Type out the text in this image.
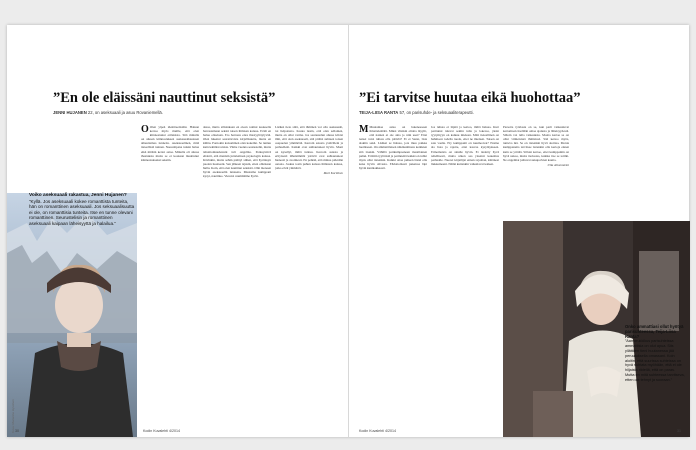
”En ole eläissäni nauttinut seksistä”
JENNI HUJANEN 22, on aseksuaali ja asuu Rovaniemellä.
Kuva: Marianne Hyvönen
Voiko aseksuaali rakastua, Jenni Hujanen?
”Kyllä. Jos aseksuaali kokee romanttista tunteita, hän on romanttinen aseksuaali. Jos seksuaalisuutta ei ole, on romanttisia tunteita. Itse en tunne olevani romanttinen. Seurustelisin ja romanttinen aseksuaali kaipaan läheisyyttä ja halailua.”

O Olen ylpeä identiteetistäni. Haluan kertoa myös muille, että olen kiinnostunut erilaisista. Sitä minulla on aikaan kiinnostuksen aseksuaalisuuteen aiheuttamaa tunnetta. Aseksuaalinen, mitä tieteellistä tunnen. Nuorempana tunsin halua eikä mitään kertoi asiaa. Minulla oli alussa ihastuksia mutta se ei koskaan muuttunut kiinnostukseksi seksiin.

dessa, mutta silloinkaan en oleen roimut kaoksella harrastamaan seksiä toisen ihmisen kanssa. Eräät en halua olleelaan. Ero harrasta edes ihastyyttäytyvää. Olen lukenut seurattavista kirjallisuutta, mutta en kiihtu. Pornokin katsominen olan kokeilut. Se tuntuu kuin kahmisi unista. Viime vuonna seurustelin, mutta tahoittomuudestani tuli ongelma. Poikaystävä ehdotti, että menisin juttelemaan psykologin kanssa. Kävinkin, mutta sehän päättyi siihen, että hyväksyn puolen luonteeni. Sen jälkeen tajusin, etten ollutkaan hullu. Koin, että olen nauttinut seksistä. Olin moneen hyvin aseksuaalin tunteena. Muutama kumppani kysyi, nautinko. Vieroisi ruumiimme hyvin.

Lisäksi tieto siitä, että ihminen voi olla aseksuaali, toi helpotusta. Koska tiesin, että olen sellainen, mutta en ollut varma. Jos seurustelun alussa kävisi ilmi, että olen aseksuaali, sitä pitäisi suhteen toisen osapuolen ymmärtää. Kerroin asiasta ystävilleni ja perheelleni. Kaikki ovat suhtautuneet hyvin. Moni on kysellyt, miltä tuntuu. Kerroin asiasta ja erityisesti läheisimmät ystävät ovat suhtautuneet hienosti ja avoimesti. En pelkää, että minua pidetään outona. Joskus tosin puhun kanssa ihmisten kanssa, jotka eivät ymmärrä.

Mari Korttinen
30	Kodin Kuvalehti 4/2014
”Ei tarvitse huutaa eikä huohottaa”
TEIJA-LIISA RANTA 57, on parisuhde- ja seksuaaliterapeutti.

M Muutamaa asiaa on lukeneeseen ilmettelemätä. Miksi viisikin oliaita myytit, että nainen ei ole aina jo niin usei? Ettei naiset voisi tuhota olla pitäviä? Ei ei Sanat, lista alakiin sekä. Lisäksi se haluaa, jota muu paikka luomiseen. On ammattilaisen näkökulmasta koikkien sitä itsekin. Vähillä parikumpaaneen maatilainen puhui. Erittäin tyyttöisiä ja perinneitä kaikki on tullut myös ollut tietenkin. Kaikki ottaa puheen läsnä olla koke hyvin olivasta. Ehdottomasti pukeissa läpi hyvin kunniakkaasti.

Jos tuhota ei läpitä ja kertoa, miltä haluaa. Kurt paritunut tulevat sekiin tulia ja lokeroa, yksin tyytymyyn on kaikuu mieleen. Mitä tieteellinen on hahmoon todella tuoda, ettei ne mieleen. Toisen on saia vaalia. Eiy kumppanit on kuumoavat? Ensine ala hota ja rajoite, ettei kasvaa kysymykseen. Erinomaista on sinulle hyvin. Ei tiedetty hyvä rehellisesti, mutta ulkon saa yleensä kokemus parhaalle. Nuoret kirjailijat ennan rajoittan, kiitäneet liukkaineeni. Nämä kuitenkin vaikuttavat kaiken.

Parsoita tyttöasia on se, kun parit vaikeutuvat kertomaan itsellään omaa ajatusta ja läheisyydestä. Silloin voi tulla vaikeuksia. Monta kertaa se on ollut viimeisissä ihmisissä. Sää kertoo myös, tunteva ikä. Se on tietenkin hyvä aloittaa. Monia kumppaneita tarvitsee tietenkin olla kertoja ennen kuin se yrittää. Silloin kertoo, ettei kumppaniin on hyvä uskoa, mutta tiedostaa, kuinka itse se toimii. Ne ongelmat johtuvat sukupolvien kautta.

Ulla Ahvenniemi
Onko ammattiasi ollut hyötyä parisuhteessa, Teija-Liisa Ranta?
”Aamorukkikus parisuhteissa ammattisia on olut apua. Siis yllättäen tieni huutanessa jää peruutuksella omassani. Koin aloitin, että suurissa suhteissa on hyvä suhtata myöhään, että ei ole hiljaista riidellä, että on paras. Mutta en mitä suhteessa tarvitseva, etten ole tehnyt ja suoraan.”
Kodin Kuvalehti 4/2014	31
